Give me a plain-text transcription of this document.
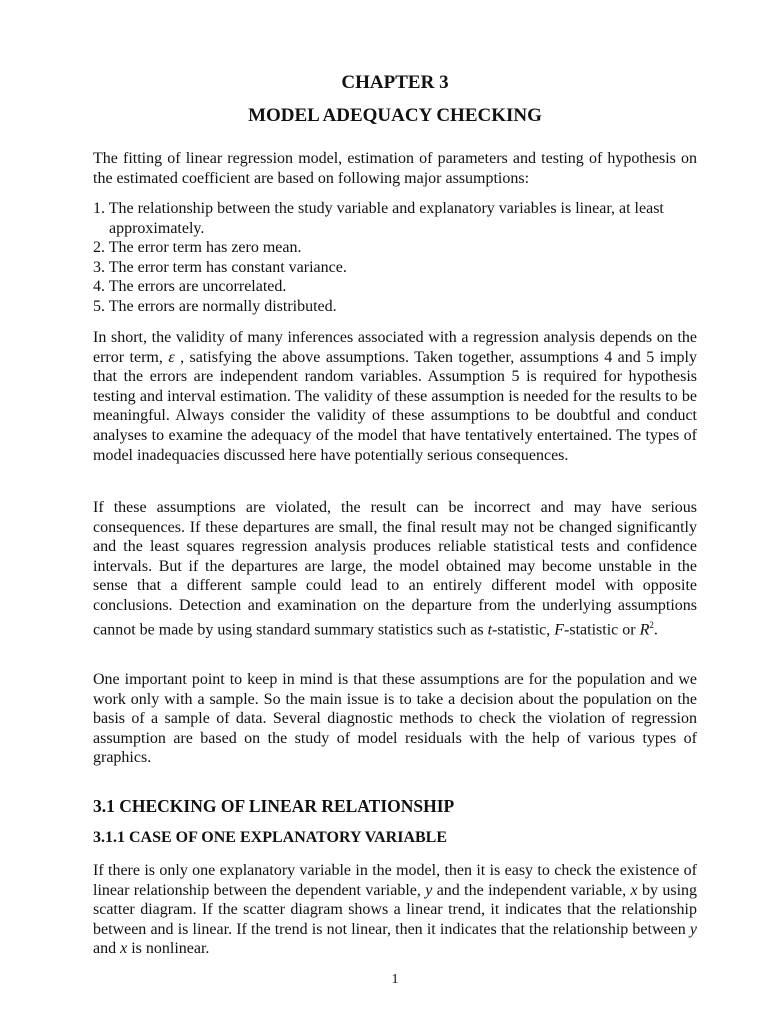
CHAPTER 3
MODEL ADEQUACY CHECKING

The fitting of linear regression model, estimation of parameters and testing of hypothesis on the estimated coefficient are based on following major assumptions:

1. The relationship between the study variable and explanatory variables is linear, at least approximately.
2. The error term has zero mean.
3. The error term has constant variance.
4. The errors are uncorrelated.
5. The errors are normally distributed.

In short, the validity of many inferences associated with a regression analysis depends on the error term, ε , satisfying the above assumptions. Taken together, assumptions 4 and 5 imply that the errors are independent random variables. Assumption 5 is required for hypothesis testing and interval estimation. The validity of these assumption is needed for the results to be meaningful. Always consider the validity of these assumptions to be doubtful and conduct analyses to examine the adequacy of the model that have tentatively entertained. The types of model inadequacies discussed here have potentially serious consequences.

If these assumptions are violated, the result can be incorrect and may have serious consequences. If these departures are small, the final result may not be changed significantly and the least squares regression analysis produces reliable statistical tests and confidence intervals. But if the departures are large, the model obtained may become unstable in the sense that a different sample could lead to an entirely different model with opposite conclusions. Detection and examination on the departure from the underlying assumptions cannot be made by using standard summary statistics such as t-statistic, F-statistic or $R^2$.

One important point to keep in mind is that these assumptions are for the population and we work only with a sample. So the main issue is to take a decision about the population on the basis of a sample of data. Several diagnostic methods to check the violation of regression assumption are based on the study of model residuals with the help of various types of graphics.

3.1 CHECKING OF LINEAR RELATIONSHIP
3.1.1 CASE OF ONE EXPLANATORY VARIABLE

If there is only one explanatory variable in the model, then it is easy to check the existence of linear relationship between the dependent variable, y and the independent variable, x by using scatter diagram. If the scatter diagram shows a linear trend, it indicates that the relationship between and is linear. If the trend is not linear, then it indicates that the relationship between y and x is nonlinear.

1
